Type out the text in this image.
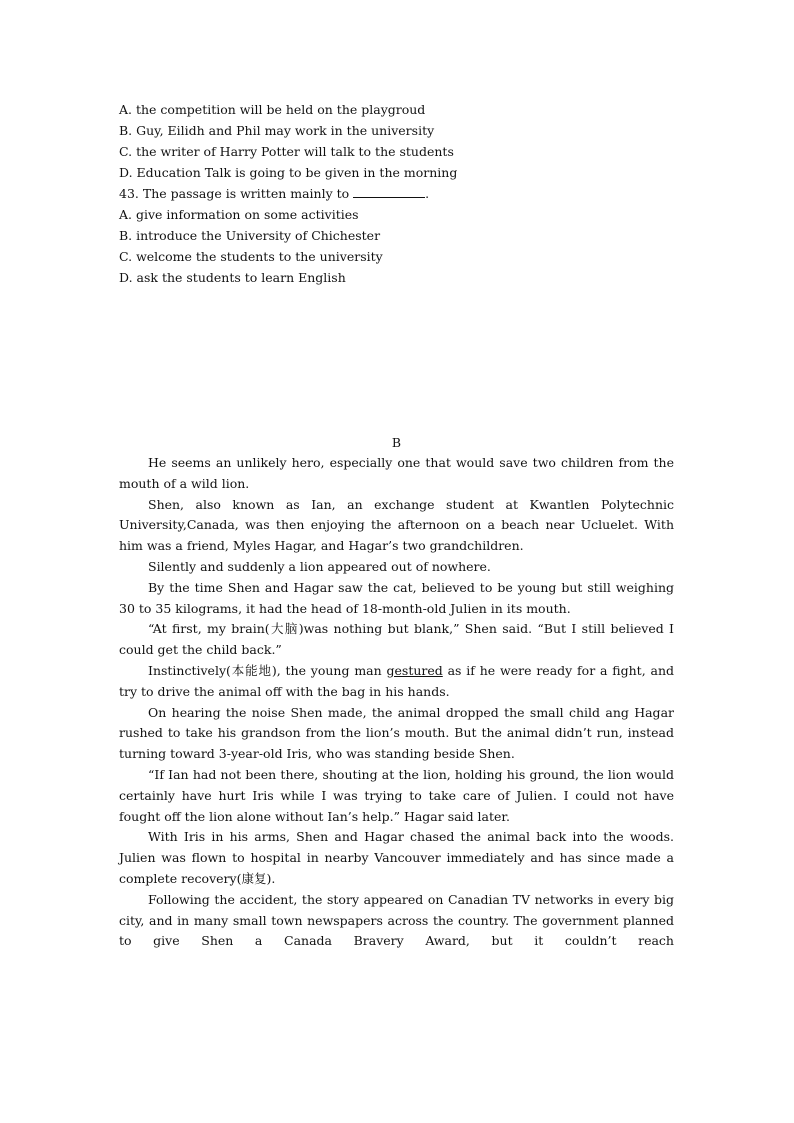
A. the competition will be held on the playgroud
B. Guy, Eilidh and Phil may work in the university
C. the writer of Harry Potter will talk to the students
D. Education Talk is going to be given in the morning
43. The passage is written mainly to	.
A. give information on some activities
B. introduce the University of Chichester
C. welcome the students to the university
D. ask the students to learn English
B

He seems an unlikely hero, especially one that would save two children from the mouth of a wild lion.

Shen, also known as Ian, an exchange student at Kwantlen Polytechnic University,Canada, was then enjoying the afternoon on a beach near Ucluelet. With him was a friend, Myles Hagar, and Hagar’s two grandchildren.

Silently and suddenly a lion appeared out of nowhere.

By the time Shen and Hagar saw the cat, believed to be young but still weighing 30 to 35 kilograms, it had the head of 18-month-old Julien in its mouth.

“At first, my brain(大脑)was nothing but blank,” Shen said. “But I still believed I could get the child back.”

Instinctively(本能地), the young man gestured as if he were ready for a fight, and try to drive the animal off with the bag in his hands.

On hearing the noise Shen made, the animal dropped the small child ang Hagar rushed to take his grandson from the lion’s mouth. But the animal didn’t run, instead turning toward 3-year-old Iris, who was standing beside Shen.

“If Ian had not been there, shouting at the lion, holding his ground, the lion would certainly have hurt Iris while I was trying to take care of Julien. I could not have fought off the lion alone without Ian’s help.” Hagar said later.

With Iris in his arms, Shen and Hagar chased the animal back into the woods. Julien was flown to hospital in nearby Vancouver immediately and has since made a complete recovery(康复).

Following the accident, the story appeared on Canadian TV networks in every big city, and in many small town newspapers across the country. The government planned to give Shen a Canada Bravery Award, but it couldn’t reach
